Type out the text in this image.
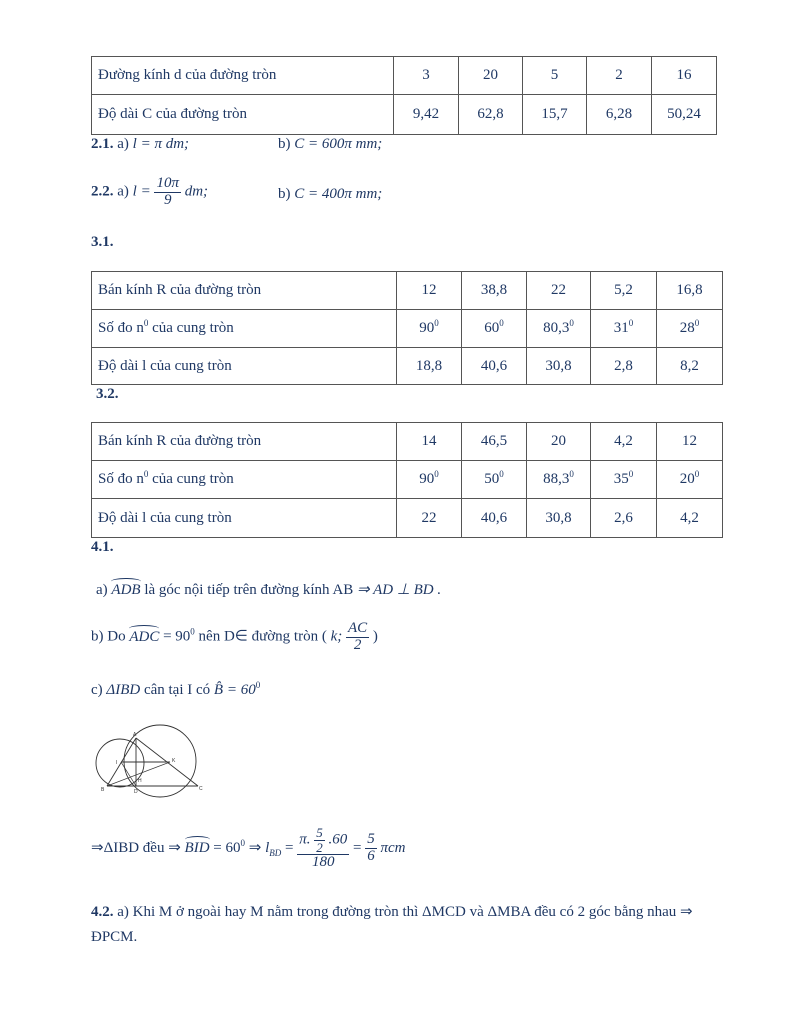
Đường kính d của đường tròn	3	20	5	2	16
Độ dài C của đường tròn	9,42	62,8	15,7	6,28	50,24
2.1. a) l = π dm;	b) C = 600π mm;
2.2. a) $l = \frac{10\pi}{9}$ dm;	b) C = 400π mm;
3.1.
Bán kính R của đường tròn	12	38,8	22	5,2	16,8
Số đo $n^0$ của cung tròn	$90^0$	$60^0$	80,3$^0$	$31^0$	$28^0$
Độ dài l của cung tròn	18,8	40,6	30,8	2,8	8,2
3.2.
Bán kính R của đường tròn	14	46,5	20	4,2	12
Số đo $n^0$ của cung tròn	$90^0$	$50^0$	88,3$^0$	$35^0$	$20^0$
Độ dài l của cung tròn	22	40,6	30,8	2,6	4,2
4.1.
a) ADB là góc nội tiếp trên đường kính AB ⇒ AD ⊥ BD .
b) Do ADC = $90^0$ nên D∈ đường tròn ( k; $\frac{AC}{2}$ )
c) ΔIBD cân tại I có B̂ = $60^0$
A
I	K
B	D	C
H
⇒ΔIBD đều ⇒ BID = $60^0$ ⇒ $l_{BD} = \frac{\pi. \frac{5}{2} .60}{180} = \frac{5}{6}$ πcm
4.2. a) Khi M ở ngoài hay M nằm trong đường tròn thì ΔMCD và ΔMBA đều có 2 góc bằng nhau ⇒
ĐPCM.
